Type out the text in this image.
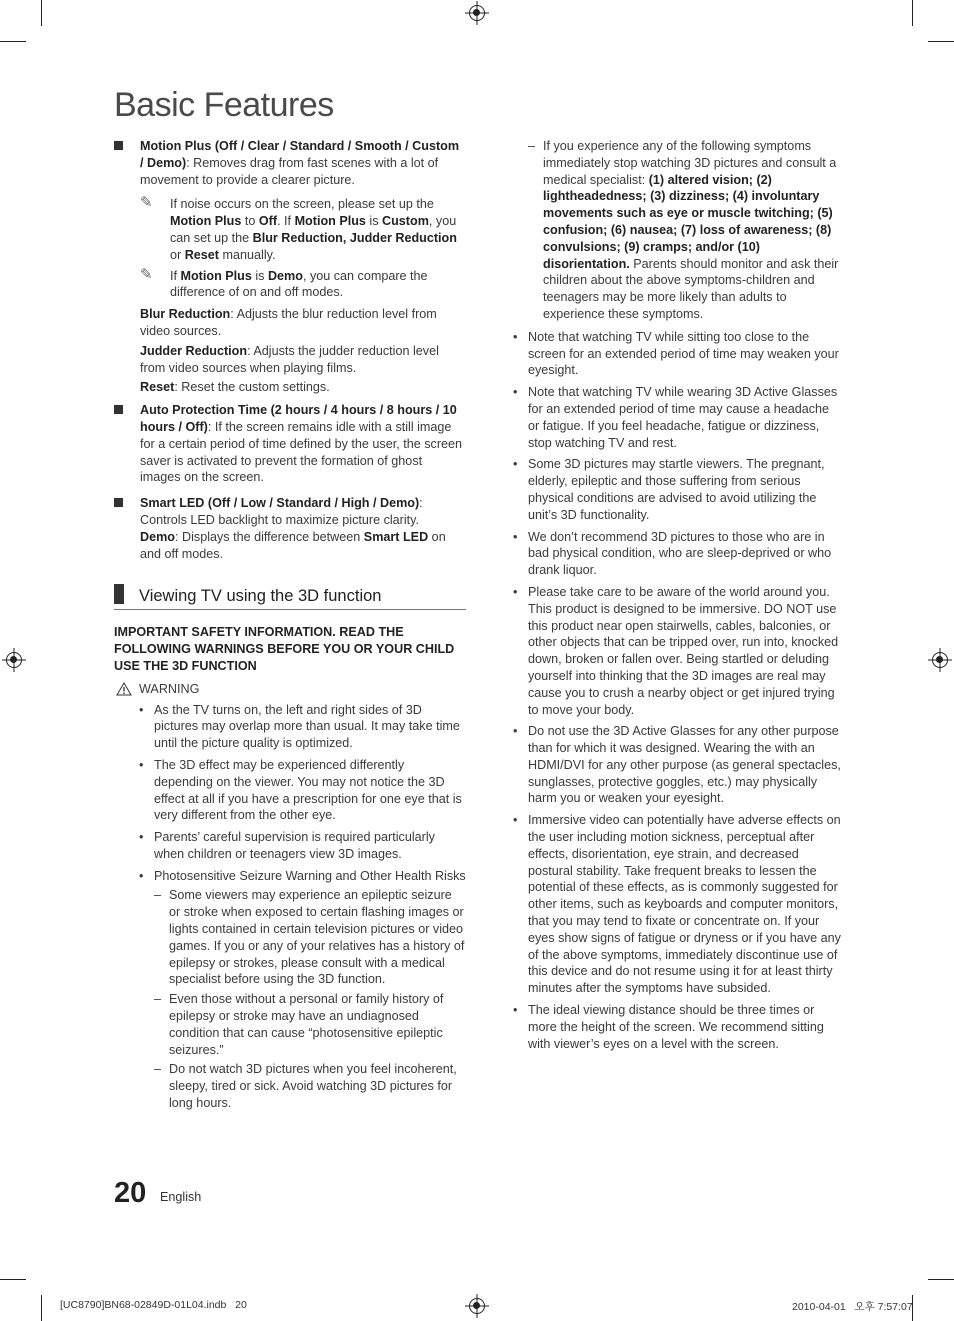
Basic Features
Motion Plus (Off / Clear / Standard / Smooth / Custom / Demo): Removes drag from fast scenes with a lot of movement to provide a clearer picture.
✎ If noise occurs on the screen, please set up the Motion Plus to Off. If Motion Plus is Custom, you can set up the Blur Reduction, Judder Reduction or Reset manually.
✎ If Motion Plus is Demo, you can compare the difference of on and off modes.
Blur Reduction: Adjusts the blur reduction level from video sources.
Judder Reduction: Adjusts the judder reduction level from video sources when playing films.
Reset: Reset the custom settings.
Auto Protection Time (2 hours / 4 hours / 8 hours / 10 hours / Off): If the screen remains idle with a still image for a certain period of time defined by the user, the screen saver is activated to prevent the formation of ghost images on the screen.
Smart LED (Off / Low / Standard / High / Demo): Controls LED backlight to maximize picture clarity.
Demo: Displays the difference between Smart LED on and off modes.
Viewing TV using the 3D function
IMPORTANT SAFETY INFORMATION. READ THE FOLLOWING WARNINGS BEFORE YOU OR YOUR CHILD USE THE 3D FUNCTION
WARNING
• As the TV turns on, the left and right sides of 3D pictures may overlap more than usual. It may take time until the picture quality is optimized.
• The 3D effect may be experienced differently depending on the viewer. You may not notice the 3D effect at all if you have a prescription for one eye that is very different from the other eye.
• Parents’ careful supervision is required particularly when children or teenagers view 3D images.
• Photosensitive Seizure Warning and Other Health Risks
– Some viewers may experience an epileptic seizure or stroke when exposed to certain flashing images or lights contained in certain television pictures or video games. If you or any of your relatives has a history of epilepsy or strokes, please consult with a medical specialist before using the 3D function.
– Even those without a personal or family history of epilepsy or stroke may have an undiagnosed condition that can cause “photosensitive epileptic seizures.”
– Do not watch 3D pictures when you feel incoherent, sleepy, tired or sick. Avoid watching 3D pictures for long hours.
– If you experience any of the following symptoms immediately stop watching 3D pictures and consult a medical specialist: (1) altered vision; (2) lightheadedness; (3) dizziness; (4) involuntary movements such as eye or muscle twitching; (5) confusion; (6) nausea; (7) loss of awareness; (8) convulsions; (9) cramps; and/or (10) disorientation. Parents should monitor and ask their children about the above symptoms-children and teenagers may be more likely than adults to experience these symptoms.
• Note that watching TV while sitting too close to the screen for an extended period of time may weaken your eyesight.
• Note that watching TV while wearing 3D Active Glasses for an extended period of time may cause a headache or fatigue. If you feel headache, fatigue or dizziness, stop watching TV and rest.
• Some 3D pictures may startle viewers. The pregnant, elderly, epileptic and those suffering from serious physical conditions are advised to avoid utilizing the unit’s 3D functionality.
• We don’t recommend 3D pictures to those who are in bad physical condition, who are sleep-deprived or who drank liquor.
• Please take care to be aware of the world around you. This product is designed to be immersive. DO NOT use this product near open stairwells, cables, balconies, or other objects that can be tripped over, run into, knocked down, broken or fallen over. Being startled or deluding yourself into thinking that the 3D images are real may cause you to crush a nearby object or get injured trying to move your body.
• Do not use the 3D Active Glasses for any other purpose than for which it was designed. Wearing the with an HDMI/DVI for any other purpose (as general spectacles, sunglasses, protective goggles, etc.) may physically harm you or weaken your eyesight.
• Immersive video can potentially have adverse effects on the user including motion sickness, perceptual after effects, disorientation, eye strain, and decreased postural stability. Take frequent breaks to lessen the potential of these effects, as is commonly suggested for other items, such as keyboards and computer monitors, that you may tend to fixate or concentrate on. If your eyes show signs of fatigue or dryness or if you have any of the above symptoms, immediately discontinue use of this device and do not resume using it for at least thirty minutes after the symptoms have subsided.
• The ideal viewing distance should be three times or more the height of the screen. We recommend sitting with viewer’s eyes on a level with the screen.
20 English
[UC8790]BN68-02849D-01L04.indb   20	2010-04-01   오후 7:57:07
